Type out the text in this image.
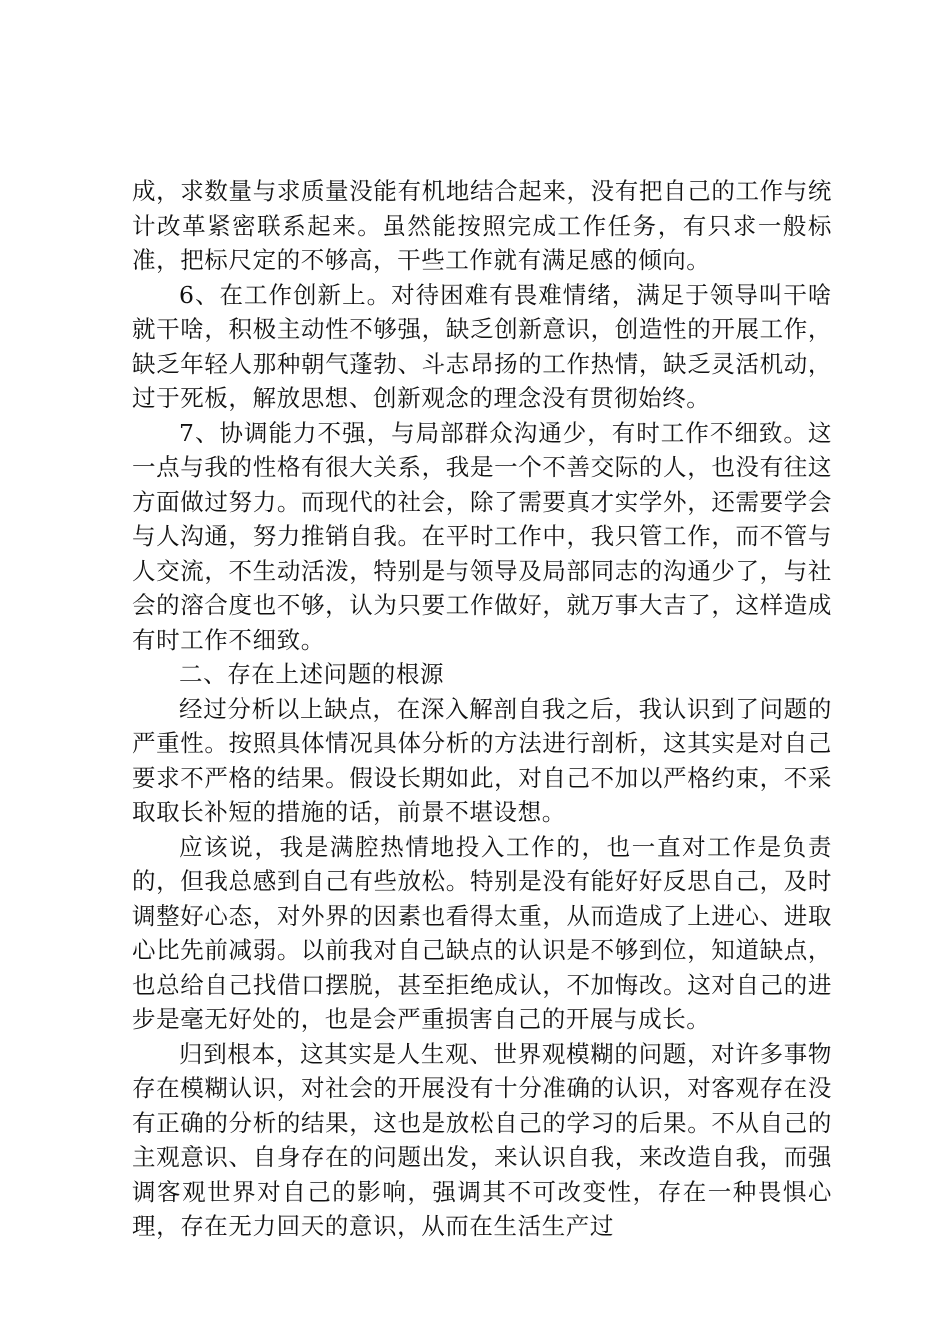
成，求数量与求质量没能有机地结合起来，没有把自己的工作与统计改革紧密联系起来。虽然能按照完成工作任务，有只求一般标准，把标尺定的不够高，干些工作就有满足感的倾向。

6、在工作创新上。对待困难有畏难情绪，满足于领导叫干啥就干啥，积极主动性不够强，缺乏创新意识，创造性的开展工作，缺乏年轻人那种朝气蓬勃、斗志昂扬的工作热情，缺乏灵活机动，过于死板，解放思想、创新观念的理念没有贯彻始终。

7、协调能力不强，与局部群众沟通少，有时工作不细致。这一点与我的性格有很大关系，我是一个不善交际的人，也没有往这方面做过努力。而现代的社会，除了需要真才实学外，还需要学会与人沟通，努力推销自我。在平时工作中，我只管工作，而不管与人交流，不生动活泼，特别是与领导及局部同志的沟通少了，与社会的溶合度也不够，认为只要工作做好，就万事大吉了，这样造成有时工作不细致。

二、存在上述问题的根源

经过分析以上缺点，在深入解剖自我之后，我认识到了问题的严重性。按照具体情况具体分析的方法进行剖析，这其实是对自己要求不严格的结果。假设长期如此，对自己不加以严格约束，不采取取长补短的措施的话，前景不堪设想。

应该说，我是满腔热情地投入工作的，也一直对工作是负责的，但我总感到自己有些放松。特别是没有能好好反思自己，及时调整好心态，对外界的因素也看得太重，从而造成了上进心、进取心比先前减弱。以前我对自己缺点的认识是不够到位，知道缺点，也总给自己找借口摆脱，甚至拒绝成认，不加悔改。这对自己的进步是毫无好处的，也是会严重损害自己的开展与成长。

归到根本，这其实是人生观、世界观模糊的问题，对许多事物存在模糊认识，对社会的开展没有十分准确的认识，对客观存在没有正确的分析的结果，这也是放松自己的学习的后果。不从自己的主观意识、自身存在的问题出发，来认识自我，来改造自我，而强调客观世界对自己的影响，强调其不可改变性，存在一种畏惧心理，存在无力回天的意识，从而在生活生产过
